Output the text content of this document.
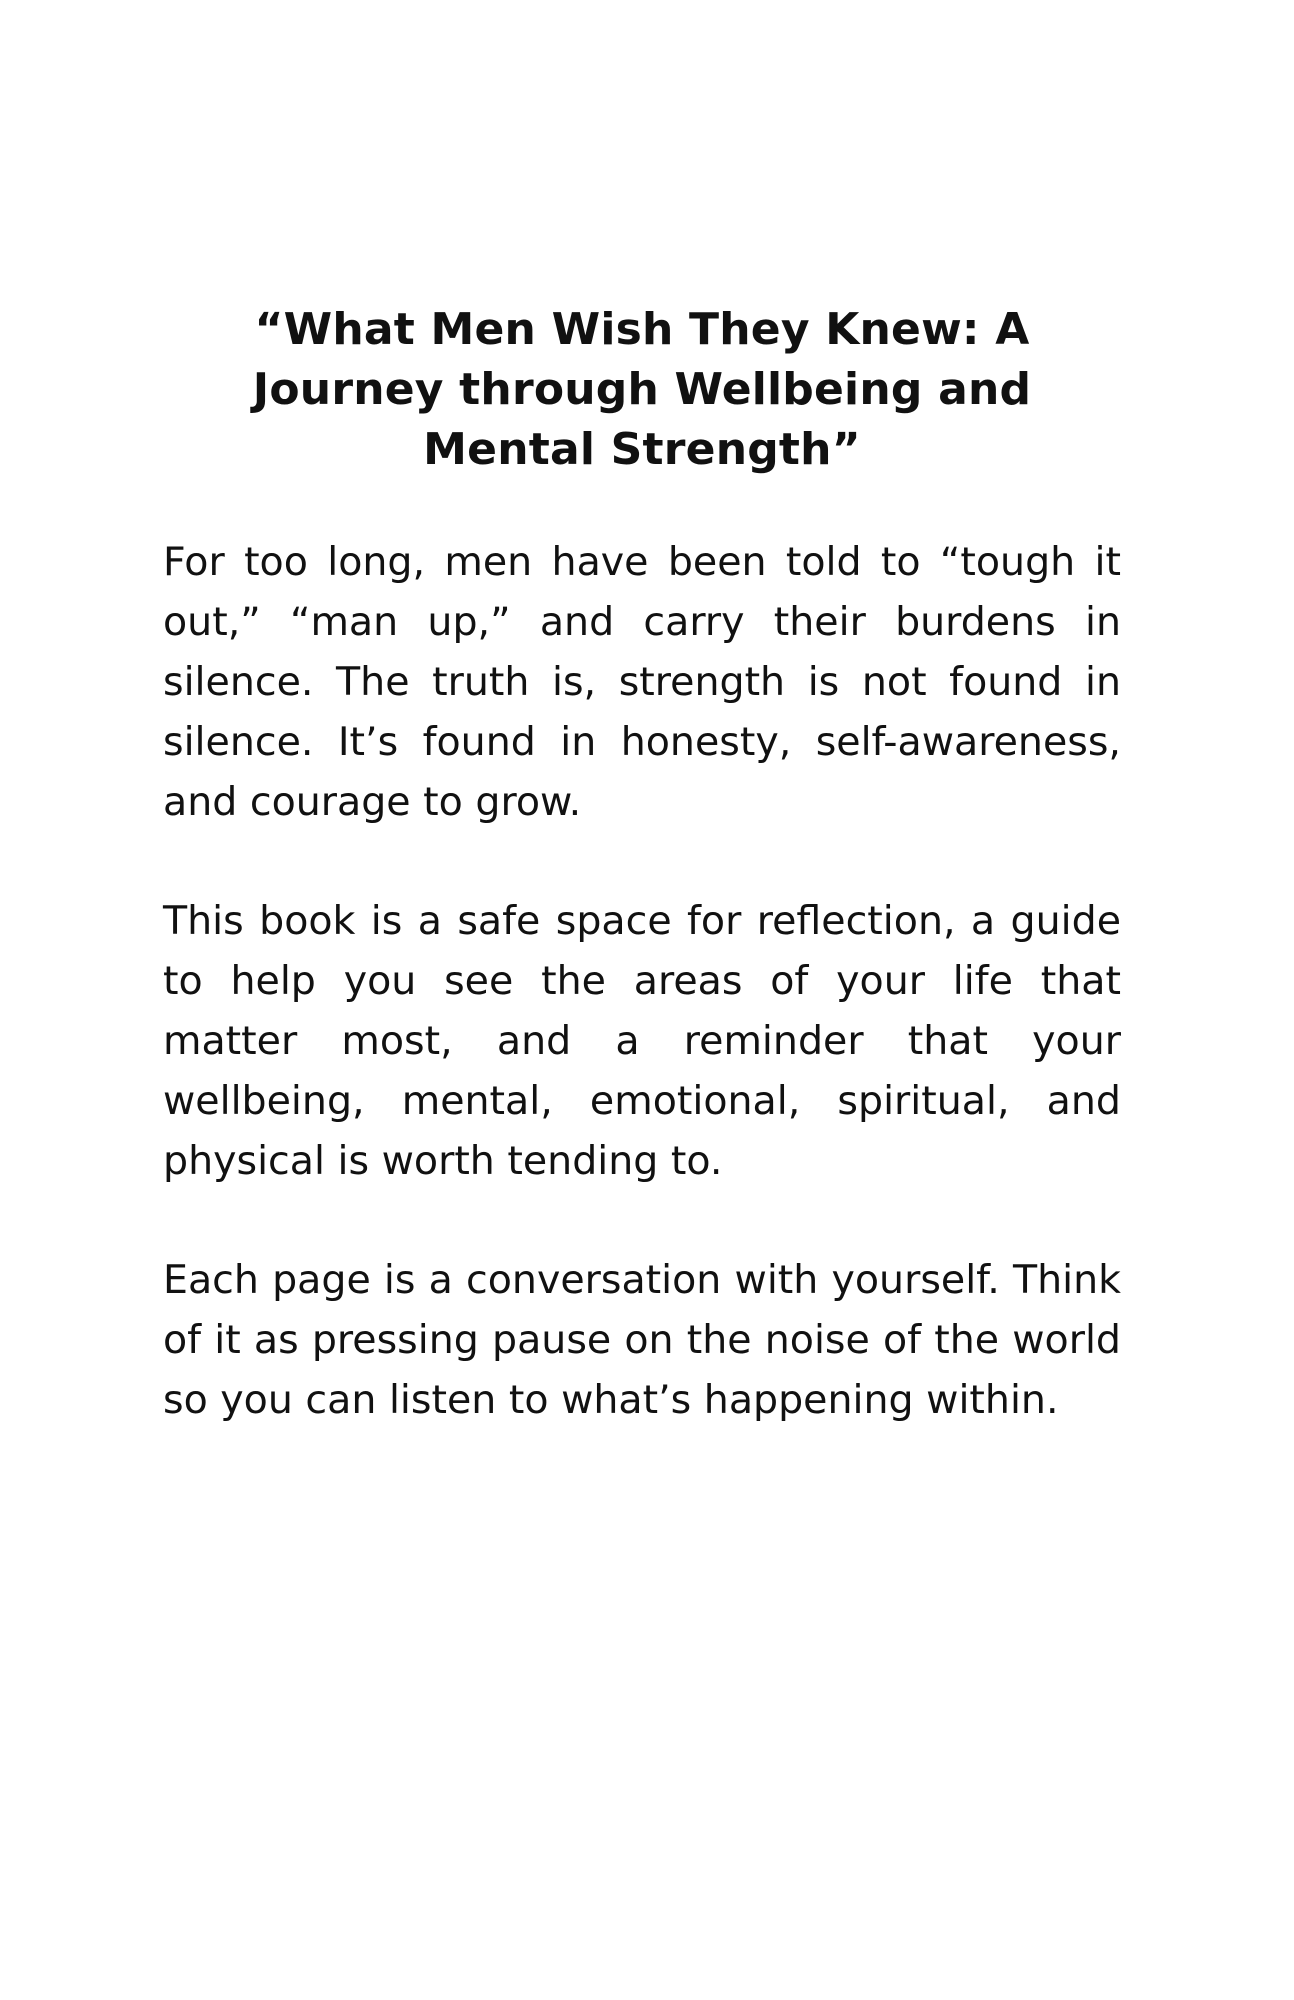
“What Men Wish They Knew: A Journey through Wellbeing and Mental Strength”

For too long, men have been told to “tough it out,” “man up,” and carry their burdens in silence. The truth is, strength is not found in silence. It’s found in honesty, self-awareness, and courage to grow.

This book is a safe space for reflection, a guide to help you see the areas of your life that matter most, and a reminder that your wellbeing, mental, emotional, spiritual, and physical is worth tending to.

Each page is a conversation with yourself. Think of it as pressing pause on the noise of the world so you can listen to what’s happening within.
